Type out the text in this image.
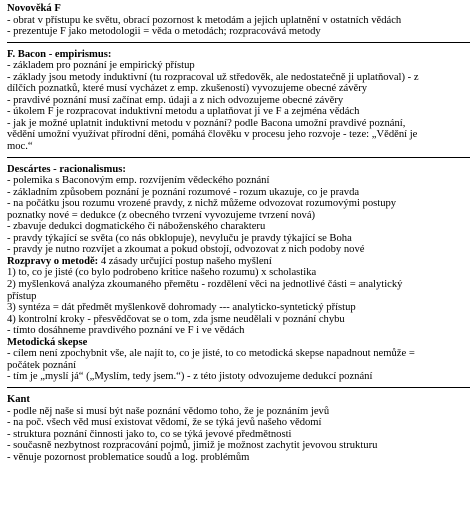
Novověká F
- obrat v přístupu ke světu, obrací pozornost k metodám a jejich uplatnění v ostatních vědách
- prezentuje F jako metodologii = věda o metodách; rozpracovává metody
F. Bacon - empirismus:
- základem pro poznání je empirický přístup
- základy jsou metody induktivní (tu rozpracoval už středověk, ale nedostatečně ji uplatňoval) - z
dílčích poznatků, které musí vycházet z emp. zkušeností) vyvozujeme obecné závěry
- pravdivé poznání musí začínat emp. údaji a z nich odvozujeme obecné závěry
- úkolem F je rozpracovat induktivní metodu a uplatňovat ji ve F a zejména vědách
- jak je možné uplatnit induktivní metodu v poznání? podle Bacona umožní pravdivé poznání,
vědění umožní využívat přírodní děni, pomáhá člověku v procesu jeho rozvoje - teze: „Vědění je
moc.“
Descártes - racionalismus:
- polemika s Baconovým emp. rozvíjením vědeckého poznání
- základním způsobem poznání je poznání rozumové - rozum ukazuje, co je pravda
- na počátku jsou rozumu vrozené pravdy, z nichž můžeme odvozovat rozumovými postupy
poznatky nové = dedukce (z obecného tvrzení vyvozujeme tvrzení nová)
- zbavuje dedukci dogmatického či náboženského charakteru
- pravdy týkající se světa (co nás obklopuje), nevyluču je pravdy týkající se Boha
- pravdy je nutno rozvíjet a zkoumat a pokud obstojí, odvozovat z nich podoby nové
Rozpravy o metodě: 4 zásady určující postup našeho myšlení
1) to, co je jisté (co bylo podrobeno kritice našeho rozumu) x scholastika
2) myšlenková analýza zkoumaného přemětu - rozdělení věci na jednotlivé části = analytický
přístup
3) syntéza = dát předmět myšlenkově dohromady --- analyticko-syntetický přístup
4) kontrolní kroky - přesvědčovat se o tom, zda jsme neudělali v poznání chybu
- tímto dosáhneme pravdivého poznání ve F i ve vědách
Metodická skepse
- cílem není zpochybnit vše, ale najít to, co je jisté, to co metodická skepse napadnout nemůže =
počátek poznání
- tím je „myslí já“ („Myslím, tedy jsem.“) - z této jistoty odvozujeme dedukcí poznání
Kant
- podle něj naše si musí být naše poznání vědomo toho, že je poznáním jevů
- na poč. všech věd musí existovat vědomí, že se týká jevů našeho vědomí
- struktura poznání činnosti jako to, co se týká jevové předmětnosti
- současně nezbytnost rozpracování pojmů, jimiž je možnost zachytit jevovou strukturu
- věnuje pozornost problematice soudů a log. problémům
